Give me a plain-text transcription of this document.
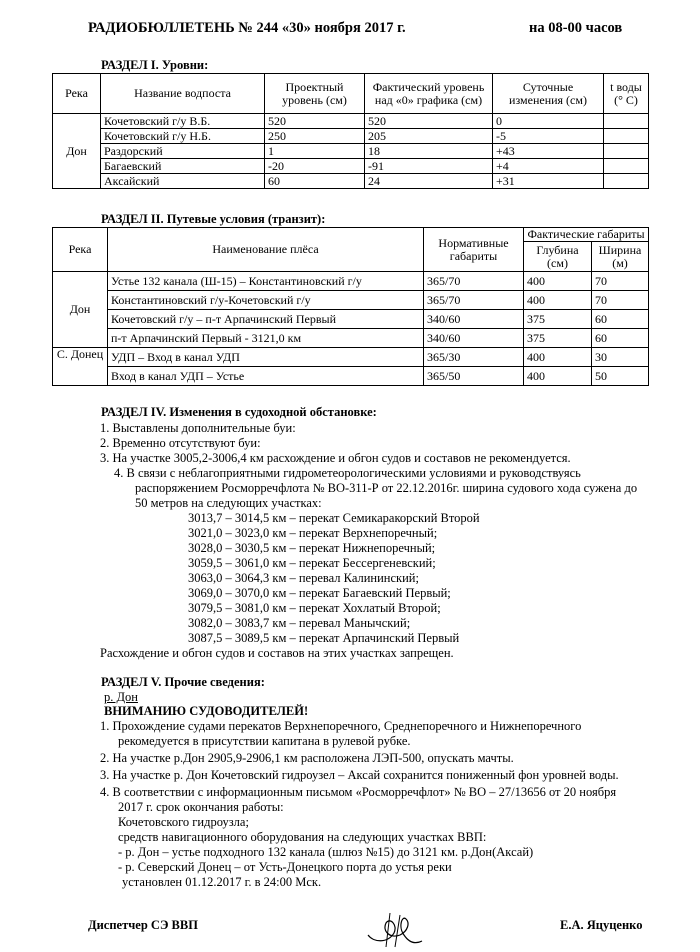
РАДИОБЮЛЛЕТЕНЬ № 244 «30» ноября 2017 г.	на 08-00 часов
РАЗДЕЛ I. Уровни:
Река	Название водпоста	Проектный уровень (см)	Фактический уровень над «0» графика (см)	Суточные изменения (см)	t воды (° С)
Дон	Кочетовский г/у В.Б.	520	520	0	
	Кочетовский г/у Н.Б.	250	205	-5	
	Раздорский	1	18	+43	
	Багаевский	-20	-91	+4	
	Аксайский	60	24	+31	
РАЗДЕЛ II. Путевые условия (транзит):
Река	Наименование плёса	Нормативные габариты	Фактические габариты	
			Глубина (см)	Ширина (м)
Дон	Устье 132 канала (Ш-15) – Константиновский г/у	365/70	400	70
	Константиновский г/у-Кочетовский г/у	365/70	400	70
	Кочетовский г/у – п-т Арпачинский Первый	340/60	375	60
	п-т Арпачинский Первый - 3121,0 км	340/60	375	60
С. Донец	УДП – Вход в канал УДП	365/30	400	30
	Вход в канал УДП – Устье	365/50	400	50
РАЗДЕЛ IV. Изменения в судоходной обстановке:
1. Выставлены дополнительные буи:
2. Временно отсутствуют буи:
3. На участке 3005,2-3006,4 км расхождение и обгон судов и составов не рекомендуется.
4. В связи с неблагоприятными гидрометеорологическими условиями и руководствуясь
распоряжением Росморречфлота № ВО-311-Р от 22.12.2016г. ширина судового хода сужена до
50 метров на следующих участках:
3013,7 – 3014,5 км – перекат Семикаракорский Второй
3021,0 – 3023,0 км – перекат Верхнепоречный;
3028,0 – 3030,5 км – перекат Нижнепоречный;
3059,5 – 3061,0 км – перекат Бессергеневский;
3063,0 – 3064,3 км – перевал Калининский;
3069,0 – 3070,0 км – перекат Багаевский Первый;
3079,5 – 3081,0 км – перекат Хохлатый Второй;
3082,0 – 3083,7 км – перевал Манычский;
3087,5 – 3089,5 км – перекат Арпачинский Первый
Расхождение и обгон судов и составов на этих участках запрещен.
РАЗДЕЛ V. Прочие сведения:
р. Дон
ВНИМАНИЮ СУДОВОДИТЕЛЕЙ!
1. Прохождение судами перекатов Верхнепоречного, Среднепоречного и Нижнепоречного
рекомедуется в присутствии капитана в рулевой рубке.
2. На участке р.Дон 2905,9-2906,1 км расположена ЛЭП-500, опускать мачты.
3. На участке р. Дон Кочетовский гидроузел – Аксай сохранится пониженный фон уровней воды.
4. В соответствии с информационным письмом «Росморречфлот» № ВО – 27/13656 от 20 ноября
2017 г. срок окончания работы:
Кочетовского гидроузла;
средств навигационного оборудования на следующих участках ВВП:
- р. Дон – устье подходного 132 канала (шлюз №15) до 3121 км. р.Дон(Аксай)
- р. Северский Донец – от Усть-Донецкого порта до устья реки
установлен 01.12.2017 г. в 24:00 Мск.
Диспетчер СЭ ВВП	Е.А. Яцуценко
